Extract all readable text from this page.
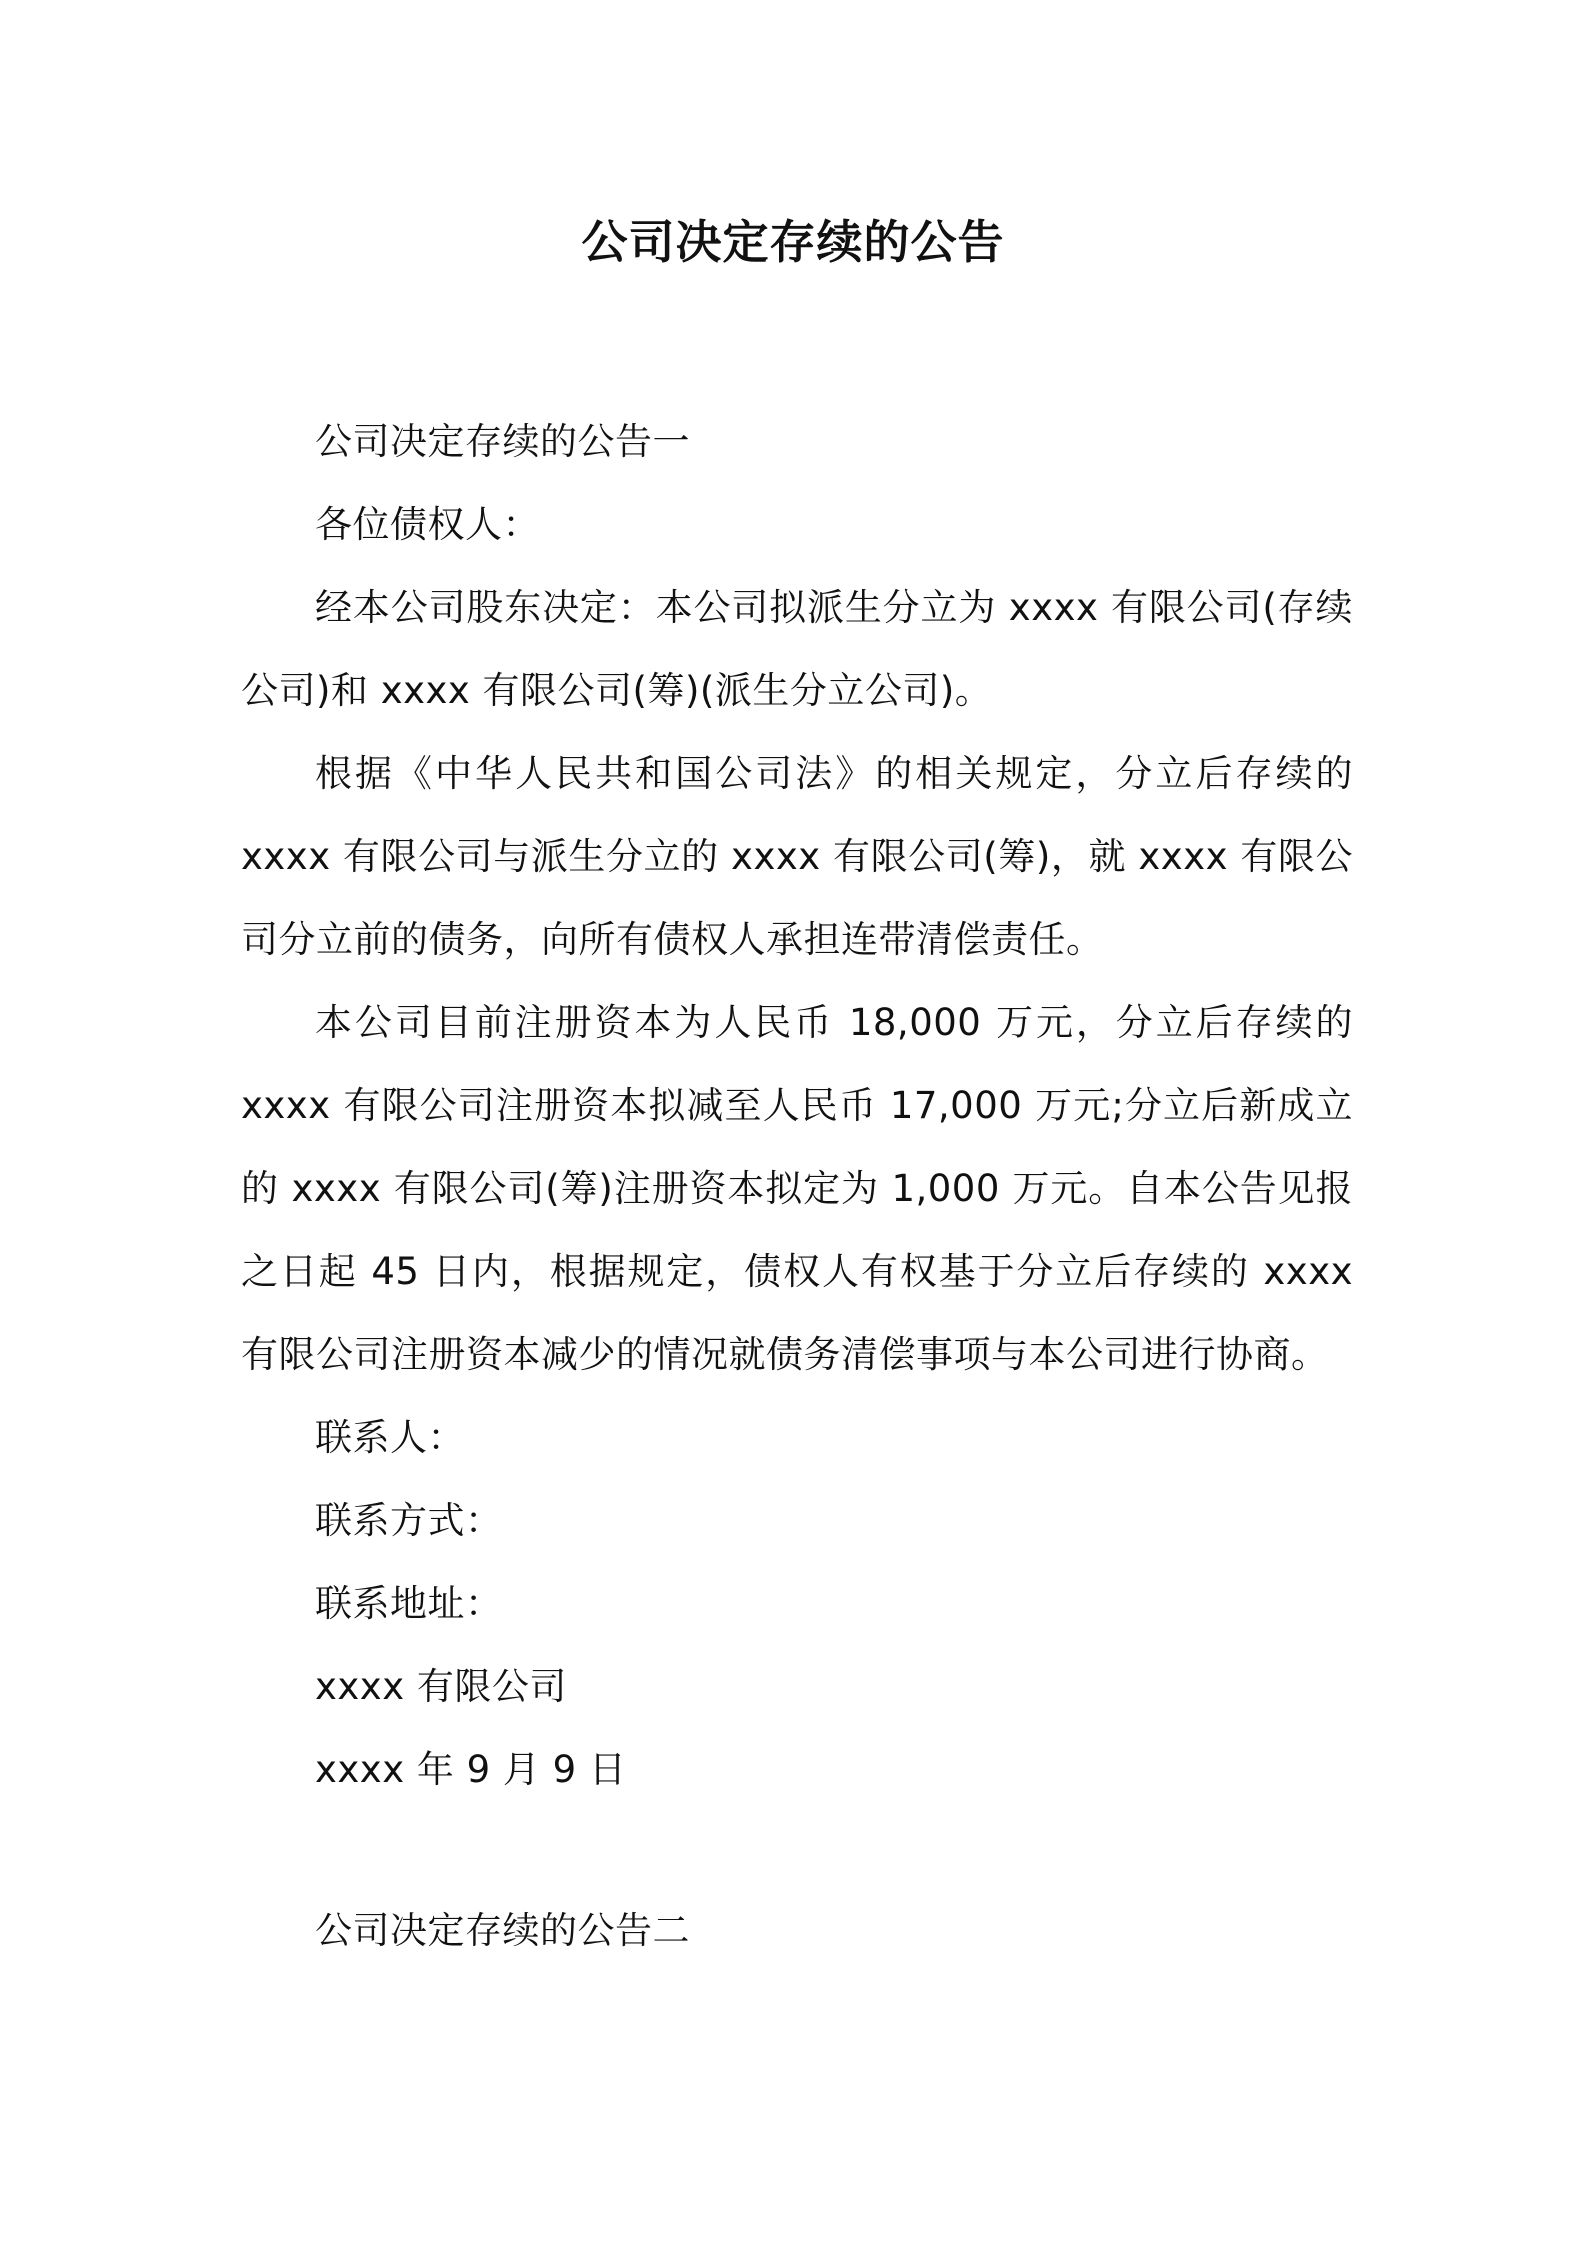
公司决定存续的公告

公司决定存续的公告一

各位债权人：

经本公司股东决定：本公司拟派生分立为 xxxx 有限公司(存续公司)和 xxxx 有限公司(筹)(派生分立公司)。

根据《中华人民共和国公司法》的相关规定，分立后存续的 xxxx 有限公司与派生分立的 xxxx 有限公司(筹)，就 xxxx 有限公司分立前的债务，向所有债权人承担连带清偿责任。

本公司目前注册资本为人民币 18,000 万元，分立后存续的 xxxx 有限公司注册资本拟减至人民币 17,000 万元;分立后新成立的 xxxx 有限公司(筹)注册资本拟定为 1,000 万元。自本公告见报之日起 45 日内，根据规定，债权人有权基于分立后存续的 xxxx 有限公司注册资本减少的情况就债务清偿事项与本公司进行协商。

联系人：

联系方式：

联系地址：

xxxx 有限公司

xxxx 年 9 月 9 日

公司决定存续的公告二
